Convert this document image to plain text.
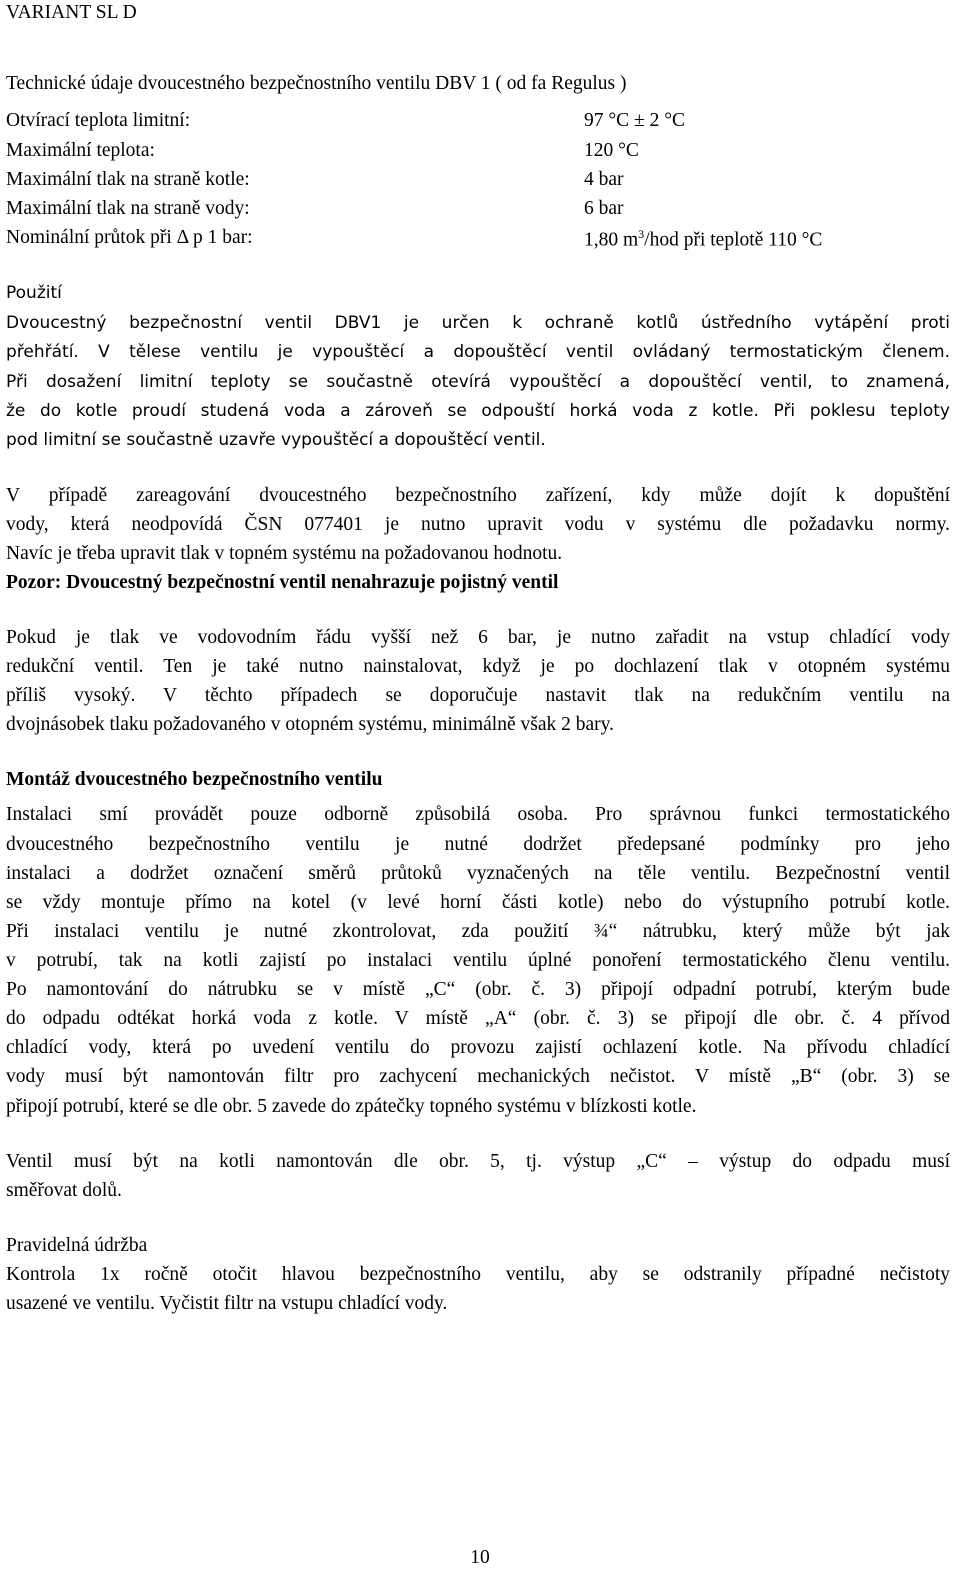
VARIANT SL D
Technické údaje dvoucestného bezpečnostního ventilu DBV 1 ( od fa Regulus )
Otvírací teplota limitní:	97 °C ± 2 °C
Maximální teplota:	120 °C
Maximální tlak na straně kotle:	4 bar
Maximální tlak na straně vody:	6 bar
Nominální průtok při Δ p 1 bar:	1,80 $m^3$/hod při teplotě 110 °C
Použití
Dvoucestný bezpečnostní ventil DBV1 je určen k ochraně kotlů ústředního vytápění proti
přehřátí. V tělese ventilu je vypouštěcí a dopouštěcí ventil ovládaný termostatickým členem.
Při dosažení limitní teploty se součastně otevírá vypouštěcí a dopouštěcí ventil, to znamená,
že do kotle proudí studená voda a zároveň se odpouští horká voda z kotle. Při poklesu teploty
pod limitní se součastně uzavře vypouštěcí a dopouštěcí ventil.
V případě zareagování dvoucestného bezpečnostního zařízení, kdy může dojít k dopuštění
vody, která neodpovídá ČSN 077401 je nutno upravit vodu v systému dle požadavku normy.
Navíc je třeba upravit tlak v topném systému na požadovanou hodnotu.
Pozor: Dvoucestný bezpečnostní ventil nenahrazuje pojistný ventil
Pokud je tlak ve vodovodním řádu vyšší než 6 bar, je nutno zařadit na vstup chladící vody
redukční ventil. Ten je také nutno nainstalovat, když je po dochlazení tlak v otopném systému
příliš vysoký. V těchto případech se doporučuje nastavit tlak na redukčním ventilu na
dvojnásobek tlaku požadovaného v otopném systému, minimálně však 2 bary.
Montáž dvoucestného bezpečnostního ventilu
Instalaci smí provádět pouze odborně způsobilá osoba. Pro správnou funkci termostatického
dvoucestného bezpečnostního ventilu je nutné dodržet předepsané podmínky pro jeho
instalaci a dodržet označení směrů průtoků vyznačených na těle ventilu. Bezpečnostní ventil
se vždy montuje přímo na kotel (v levé horní části kotle) nebo do výstupního potrubí kotle.
Při instalaci ventilu je nutné zkontrolovat, zda použití ¾“ nátrubku, který může být jak
v potrubí, tak na kotli zajistí po instalaci ventilu úplné ponoření termostatického členu ventilu.
Po namontování do nátrubku se v místě „C“ (obr. č. 3) připojí odpadní potrubí, kterým bude
do odpadu odtékat horká voda z kotle. V místě „A“ (obr. č. 3) se připojí dle obr. č. 4 přívod
chladící vody, která po uvedení ventilu do provozu zajistí ochlazení kotle. Na přívodu chladící
vody musí být namontován filtr pro zachycení mechanických nečistot. V místě „B“ (obr. 3) se
připojí potrubí, které se dle obr. 5 zavede do zpátečky topného systému v blízkosti kotle.
Ventil musí být na kotli namontován dle obr. 5, tj. výstup „C“ – výstup do odpadu musí
směřovat dolů.
Pravidelná údržba
Kontrola 1x ročně otočit hlavou bezpečnostního ventilu, aby se odstranily případné nečistoty
usazené ve ventilu. Vyčistit filtr na vstupu chladící vody.
10
